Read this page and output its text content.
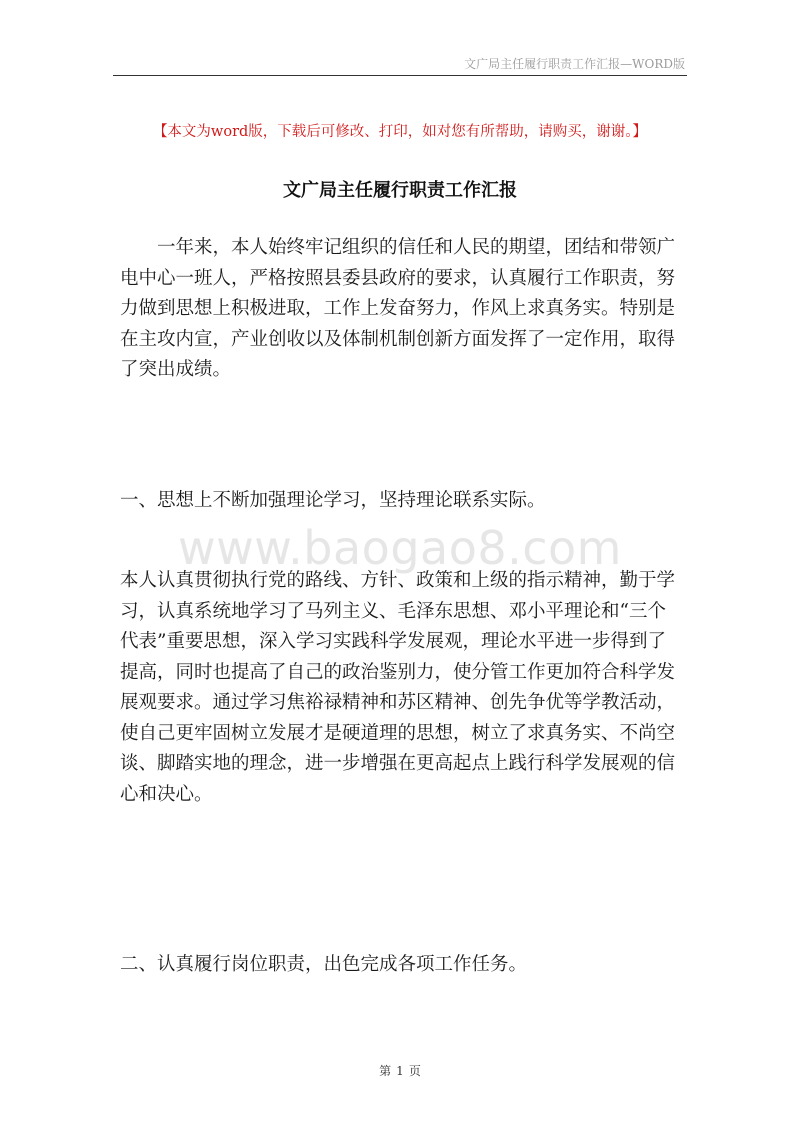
文广局主任履行职责工作汇报—WORD版
【本文为word版，下载后可修改、打印，如对您有所帮助，请购买，谢谢。】
文广局主任履行职责工作汇报

　　一年来，本人始终牢记组织的信任和人民的期望，团结和带领广
电中心一班人，严格按照县委县政府的要求，认真履行工作职责，努
力做到思想上积极进取，工作上发奋努力，作风上求真务实。特别是
在主攻内宣，产业创收以及体制机制创新方面发挥了一定作用，取得
了突出成绩。

一、思想上不断加强理论学习，坚持理论联系实际。
www.baogao8.com

本人认真贯彻执行党的路线、方针、政策和上级的指示精神，勤于学
习，认真系统地学习了马列主义、毛泽东思想、邓小平理论和“三个
代表”重要思想，深入学习实践科学发展观，理论水平进一步得到了
提高，同时也提高了自己的政治鉴别力，使分管工作更加符合科学发
展观要求。通过学习焦裕禄精神和苏区精神、创先争优等学教活动，
使自己更牢固树立发展才是硬道理的思想，树立了求真务实、不尚空
谈、脚踏实地的理念，进一步增强在更高起点上践行科学发展观的信
心和决心。

二、认真履行岗位职责，出色完成各项工作任务。
第 1 页
